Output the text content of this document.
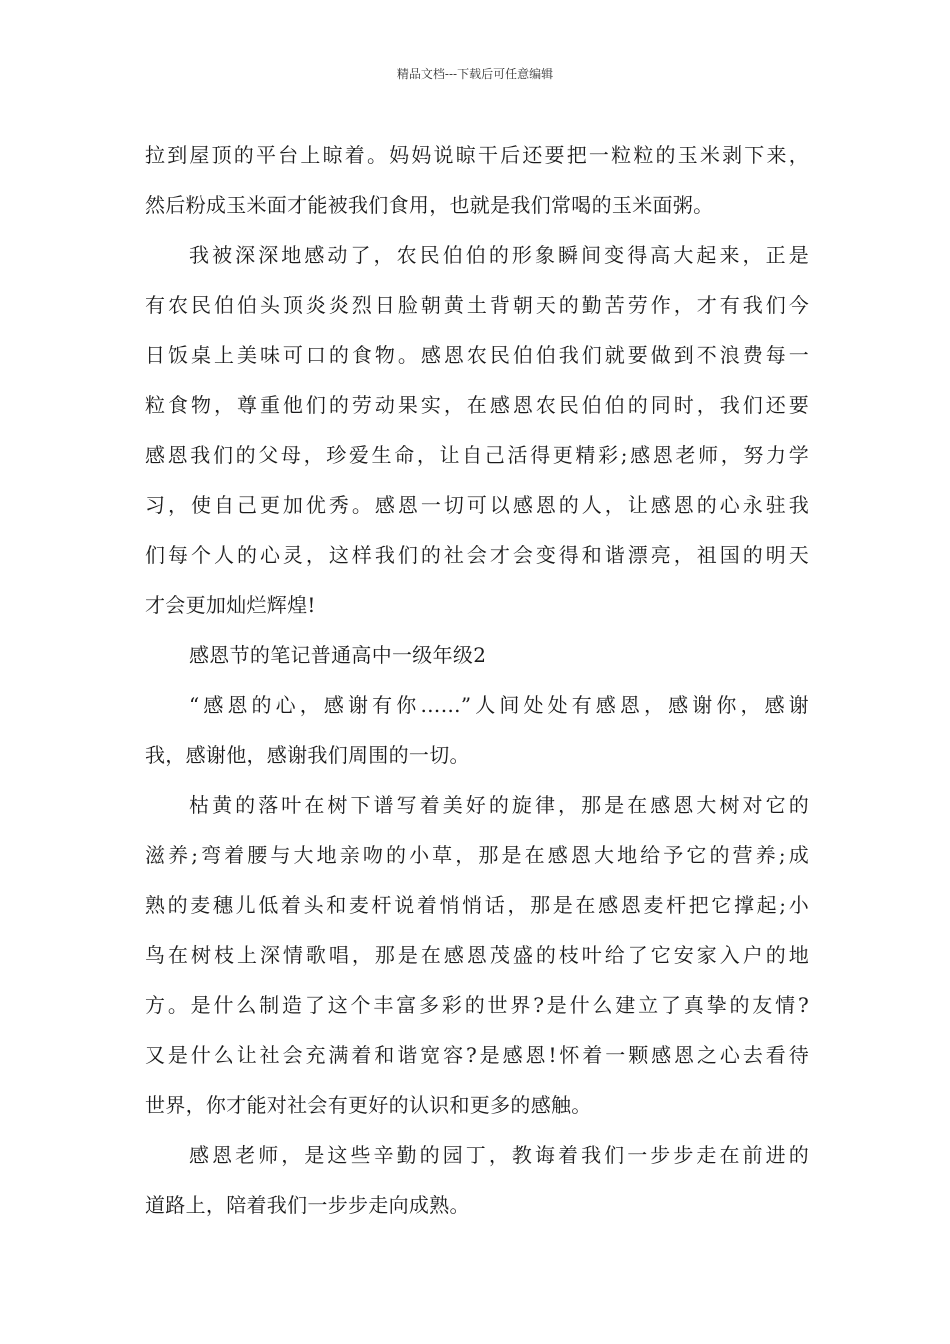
精品文档---下载后可任意编辑
拉到屋顶的平台上晾着。妈妈说晾干后还要把一粒粒的玉米剥下来，
然后粉成玉米面才能被我们食用，也就是我们常喝的玉米面粥。
我被深深地感动了，农民伯伯的形象瞬间变得高大起来，正是
有农民伯伯头顶炎炎烈日脸朝黄土背朝天的勤苦劳作，才有我们今
日饭桌上美味可口的食物。感恩农民伯伯我们就要做到不浪费每一
粒食物，尊重他们的劳动果实，在感恩农民伯伯的同时，我们还要
感恩我们的父母，珍爱生命，让自己活得更精彩;感恩老师，努力学
习，使自己更加优秀。感恩一切可以感恩的人，让感恩的心永驻我
们每个人的心灵，这样我们的社会才会变得和谐漂亮，祖国的明天
才会更加灿烂辉煌!
感恩节的笔记普通高中一级年级2
“感恩的心，感谢有你……”人间处处有感恩，感谢你，感谢
我，感谢他，感谢我们周围的一切。
枯黄的落叶在树下谱写着美好的旋律，那是在感恩大树对它的
滋养;弯着腰与大地亲吻的小草，那是在感恩大地给予它的营养;成
熟的麦穗儿低着头和麦杆说着悄悄话，那是在感恩麦杆把它撑起;小
鸟在树枝上深情歌唱，那是在感恩茂盛的枝叶给了它安家入户的地
方。是什么制造了这个丰富多彩的世界?是什么建立了真挚的友情?
又是什么让社会充满着和谐宽容?是感恩!怀着一颗感恩之心去看待
世界，你才能对社会有更好的认识和更多的感触。
感恩老师，是这些辛勤的园丁，教诲着我们一步步走在前进的
道路上，陪着我们一步步走向成熟。
